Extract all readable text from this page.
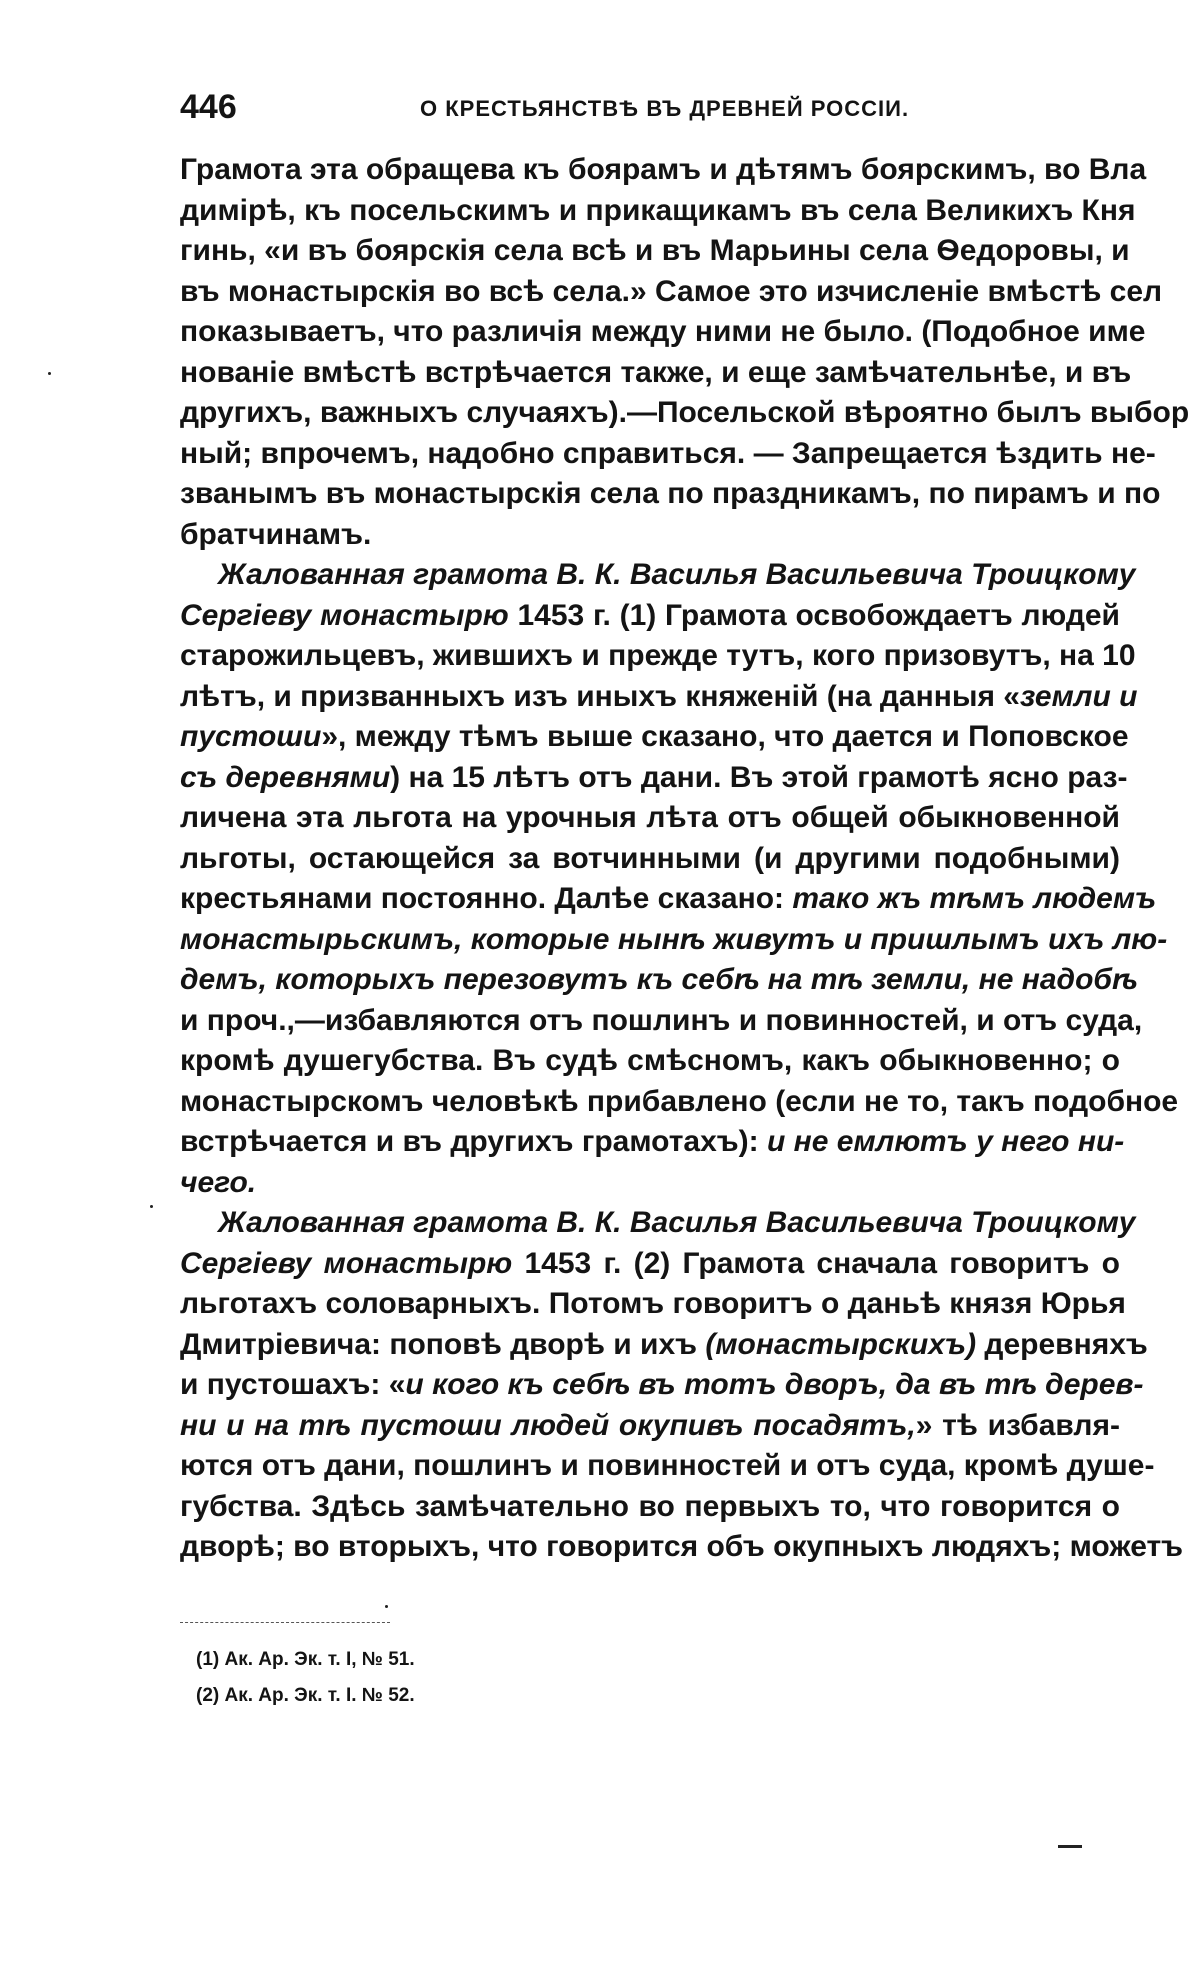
446	О КРЕСТЬЯНСТВѢ ВЪ ДРЕВНЕЙ РОССІИ.
Грамота эта обращева къ боярамъ и дѣтямъ боярскимъ, во Вла
димірѣ, къ посельскимъ и прикащикамъ въ села Великихъ Кня
гинь, «и въ боярскія села всѣ и въ Марьины села Ѳедоровы, и
въ монастырскія во всѣ села.» Самое это изчисленіе вмѣстѣ сел
показываетъ, что различія между ними не было. (Подобное име
нованіе вмѣстѣ встрѣчается также, и еще замѣчательнѣе, и въ
другихъ, важныхъ случаяхъ).—Посельской вѣроятно былъ выбор
ный; впрочемъ, надобно справиться. — Запрещается ѣздить не-
званымъ въ монастырскія села по праздникамъ, по пирамъ и по
братчинамъ.
Жалованная грамота В. К. Василья Васильевича Троицкому
Сергіеву монастырю 1453 г. (1) Грамота освобождаетъ людей
старожильцевъ, жившихъ и прежде тутъ, кого призовутъ, на 10
лѣтъ, и призванныхъ изъ иныхъ княженій (на данныя «земли и
пустоши», между тѣмъ выше сказано, что дается и Поповское
съ деревнями) на 15 лѣтъ отъ дани. Въ этой грамотѣ ясно раз-
личена эта льгота на урочныя лѣта отъ общей обыкновенной
льготы, остающейся за вотчинными (и другими подобными)
крестьянами постоянно. Далѣе сказано: тако жъ тѣмъ людемъ
монастырьскимъ, которые нынѣ живутъ и пришлымъ ихъ лю-
демъ, которыхъ перезовутъ къ себѣ на тѣ земли, не надобѣ
и проч.,—избавляются отъ пошлинъ и повинностей, и отъ суда,
кромѣ душегубства. Въ судѣ смѣсномъ, какъ обыкновенно; о
монастырскомъ человѣкѣ прибавлено (если не то, такъ подобное
встрѣчается и въ другихъ грамотахъ): и не емлютъ у него ни-
чего.
Жалованная грамота В. К. Василья Васильевича Троицкому
Сергіеву монастырю 1453 г. (2) Грамота сначала говоритъ о
льготахъ соловарныхъ. Потомъ говоритъ о даньѣ князя Юрья
Дмитріевича: поповѣ дворѣ и ихъ (монастырскихъ) деревняхъ
и пустошахъ: «и кого къ себѣ въ тотъ дворъ, да въ тѣ дерев-
ни и на тѣ пустоши людей окупивъ посадятъ,» тѣ избавля-
ются отъ дани, пошлинъ и повинностей и отъ суда, кромѣ душе-
губства. Здѣсь замѣчательно во первыхъ то, что говорится о
дворѣ; во вторыхъ, что говорится объ окупныхъ людяхъ; можетъ
(1) Ак. Ар. Эк. т. I, № 51.
(2) Ак. Ар. Эк. т. I. № 52.
